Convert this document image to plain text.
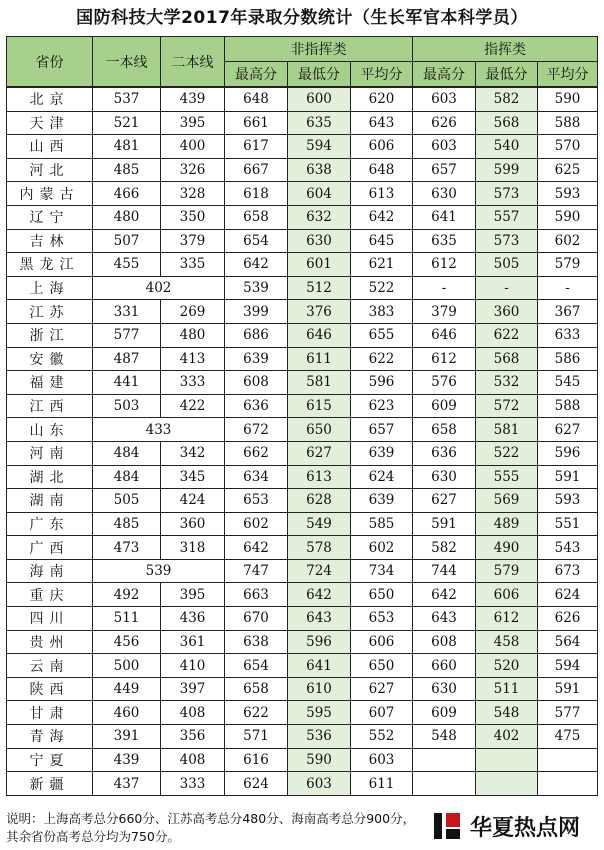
国防科技大学2017年录取分数统计（生长军官本科学员）
省份	一本线	二本线	非指挥类			指挥类		
			最高分	最低分	平均分	最高分	最低分	平均分
北京	537	439	648	600	620	603	582	590
天津	521	395	661	635	643	626	568	588
山西	481	400	617	594	606	603	540	570
河北	485	326	667	638	648	657	599	625
内蒙古	466	328	618	604	613	630	573	593
辽宁	480	350	658	632	642	641	557	590
吉林	507	379	654	630	645	635	573	602
黑龙江	455	335	642	601	621	612	505	579
上海	402		539	512	522	-	-	-
江苏	331	269	399	376	383	379	360	367
浙江	577	480	686	646	655	646	622	633
安徽	487	413	639	611	622	612	568	586
福建	441	333	608	581	596	576	532	545
江西	503	422	636	615	623	609	572	588
山东	433		672	650	657	658	581	627
河南	484	342	662	627	639	636	522	596
湖北	484	345	634	613	624	630	555	591
湖南	505	424	653	628	639	627	569	593
广东	485	360	602	549	585	591	489	551
广西	473	318	642	578	602	582	490	543
海南	539		747	724	734	744	579	673
重庆	492	395	663	642	650	642	606	624
四川	511	436	670	643	653	643	612	626
贵州	456	361	638	596	606	608	458	564
云南	500	410	654	641	650	660	520	594
陕西	449	397	658	610	627	630	511	591
甘肃	460	408	622	595	607	609	548	577
青海	391	356	571	536	552	548	402	475
宁夏	439	408	616	590	603			
新疆	437	333	624	603	611			
说明：上海高考总分660分、江苏高考总分480分、海南高考总分900分，其余省份高考总分均为750分。	华夏热点网
